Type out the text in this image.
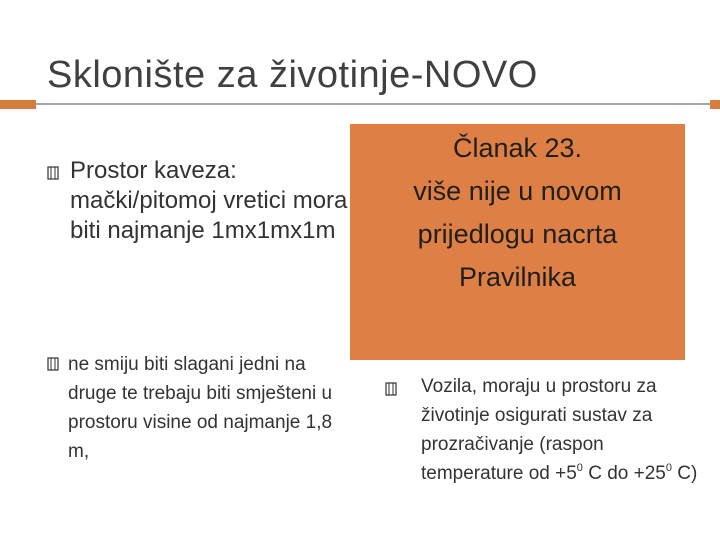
Sklonište za životinje-NOVO
Prostor kaveza: mački/pitomoj vretici mora biti najmanje 1mx1mx1m
ne smiju biti slagani jedni na druge te trebaju biti smješteni u prostoru visine od najmanje 1,8 m,
Članak 23.
više nije u novom
prijedlogu nacrta
Pravilnika
Vozila, moraju u prostoru za životinje osigurati sustav za prozračivanje (raspon temperature od $+5^0$ C do $+25^0$ C)
